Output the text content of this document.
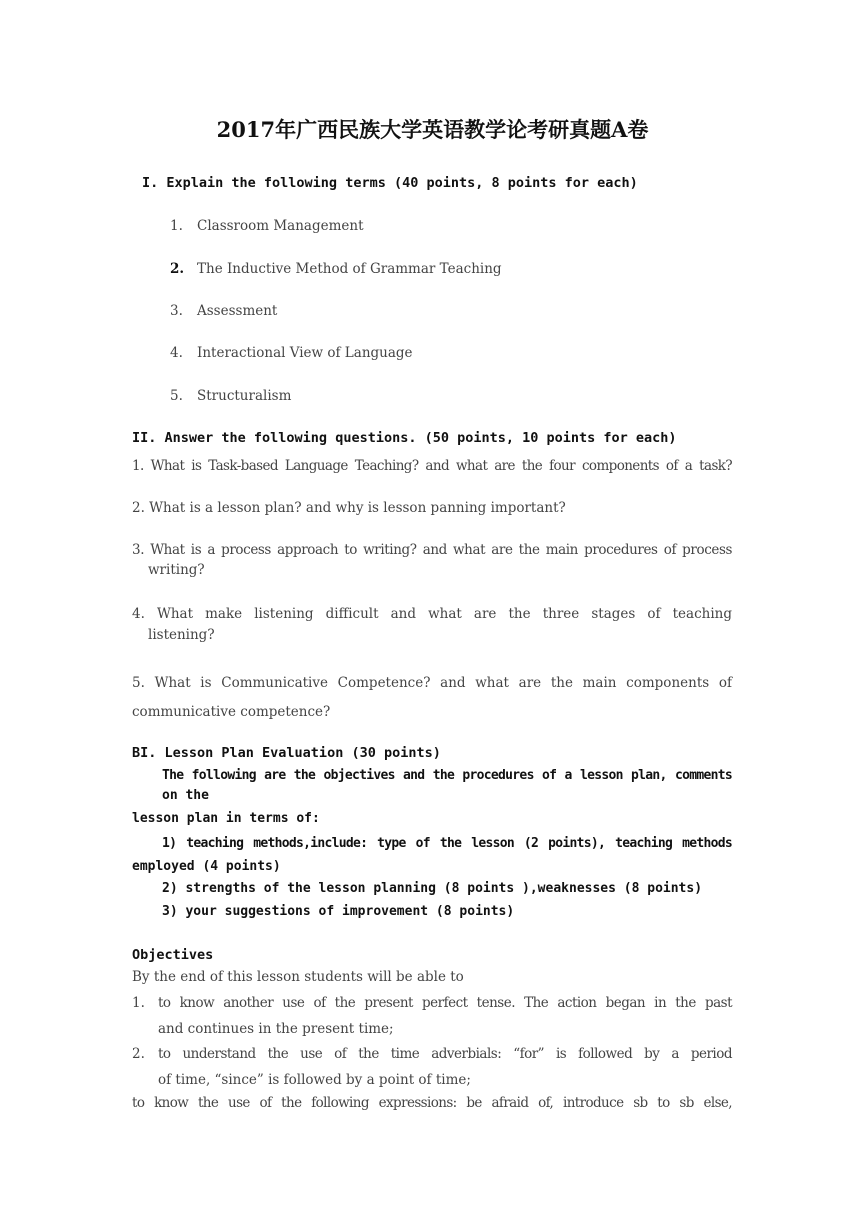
2017年广西民族大学英语教学论考研真题A卷
I. Explain the following terms (40 points, 8 points for each)
1. Classroom Management
2. The Inductive Method of Grammar Teaching
3. Assessment
4. Interactional View of Language
5. Structuralism
II. Answer the following questions. (50 points, 10 points for each)
1. What is Task-based Language Teaching? and what are the four components of a task?
2. What is a lesson plan? and why is lesson panning important?
3. What is a process approach to writing? and what are the main procedures of process
writing?
4. What make listening difficult and what are the three stages of teaching
listening?
5. What is Communicative Competence? and what are the main components of
communicative competence?
BI. Lesson Plan Evaluation (30 points)
The following are the objectives and the procedures of a lesson plan, comments
on the
lesson plan in terms of:
1) teaching methods,include: type of the lesson (2 points), teaching methods
employed (4 points)
2) strengths of the lesson planning (8 points ),weaknesses (8 points)
3) your suggestions of improvement (8 points)
Objectives
By the end of this lesson students will be able to
1. to know another use of the present perfect tense. The action began in the past
and continues in the present time;
2. to understand the use of the time adverbials: “for” is followed by a period
of time, “since” is followed by a point of time;
to know the use of the following expressions: be afraid of, introduce sb to sb else,
